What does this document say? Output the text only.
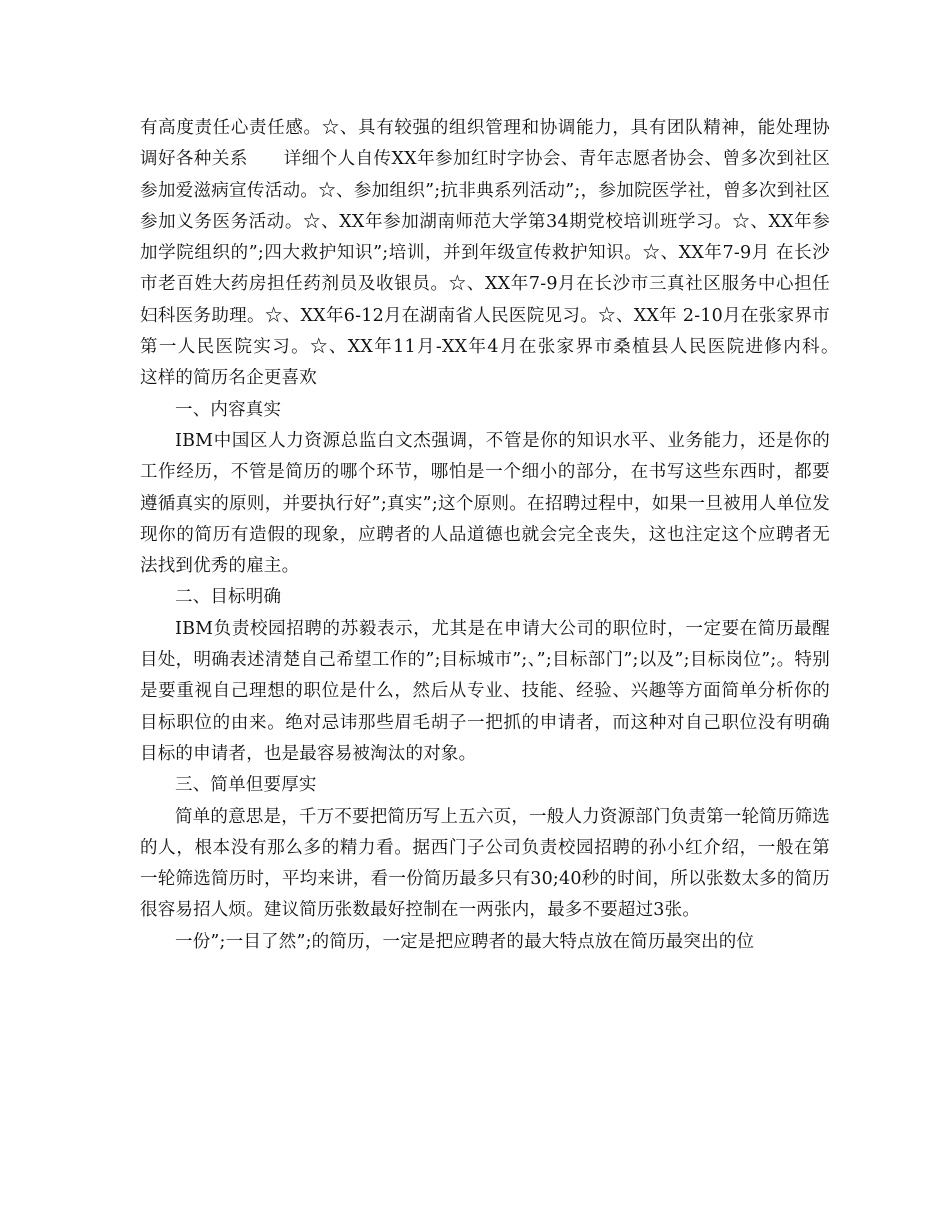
有高度责任心责任感。☆、具有较强的组织管理和协调能力，具有团队精神，能处理协调好各种关系　　详细个人自传XX年参加红时字协会、青年志愿者协会、曾多次到社区参加爱滋病宣传活动。☆、参加组织”;抗非典系列活动”;，参加院医学社，曾多次到社区参加义务医务活动。☆、XX年参加湖南师范大学第34期党校培训班学习。☆、XX年参加学院组织的”;四大救护知识”;培训，并到年级宣传救护知识。☆、XX年7-9月 在长沙市老百姓大药房担任药剂员及收银员。☆、XX年7-9月在长沙市三真社区服务中心担任妇科医务助理。☆、XX年6-12月在湖南省人民医院见习。☆、XX年 2-10月在张家界市第一人民医院实习。☆、XX年11月-XX年4月在张家界市桑植县人民医院进修内科。　　　这样的简历名企更喜欢

一、内容真实

IBM中国区人力资源总监白文杰强调，不管是你的知识水平、业务能力，还是你的工作经历，不管是简历的哪个环节，哪怕是一个细小的部分，在书写这些东西时，都要遵循真实的原则，并要执行好”;真实”;这个原则。在招聘过程中，如果一旦被用人单位发现你的简历有造假的现象，应聘者的人品道德也就会完全丧失，这也注定这个应聘者无法找到优秀的雇主。

二、目标明确

IBM负责校园招聘的苏毅表示，尤其是在申请大公司的职位时，一定要在简历最醒目处，明确表述清楚自己希望工作的”;目标城市”;、”;目标部门”;以及”;目标岗位”;。特别是要重视自己理想的职位是什么，然后从专业、技能、经验、兴趣等方面简单分析你的目标职位的由来。绝对忌讳那些眉毛胡子一把抓的申请者，而这种对自己职位没有明确目标的申请者，也是最容易被淘汰的对象。

三、简单但要厚实

简单的意思是，千万不要把简历写上五六页，一般人力资源部门负责第一轮简历筛选的人，根本没有那么多的精力看。据西门子公司负责校园招聘的孙小红介绍，一般在第一轮筛选简历时，平均来讲，看一份简历最多只有30;40秒的时间，所以张数太多的简历很容易招人烦。建议简历张数最好控制在一两张内，最多不要超过3张。

一份”;一目了然”;的简历，一定是把应聘者的最大特点放在简历最突出的位
